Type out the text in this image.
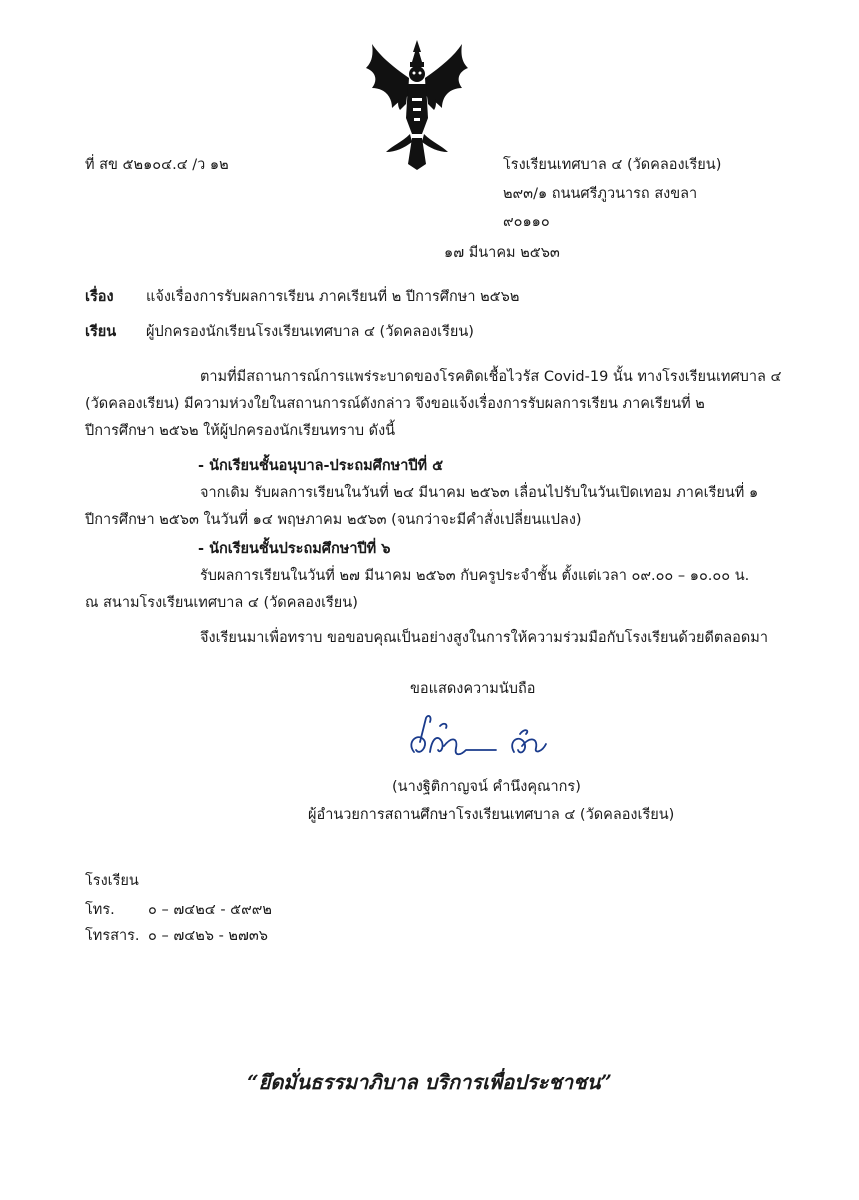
ที่ สข ๕๒๑๐๔.๔ /ว ๑๒	โรงเรียนเทศบาล ๔ (วัดคลองเรียน)
๒๙๓/๑ ถนนศรีภูวนารถ สงขลา
๙๐๑๑๐
๑๗ มีนาคม ๒๕๖๓
เรื่อง แจ้งเรื่องการรับผลการเรียน ภาคเรียนที่ ๒ ปีการศึกษา ๒๕๖๒
เรียน ผู้ปกครองนักเรียนโรงเรียนเทศบาล ๔ (วัดคลองเรียน)
ตามที่มีสถานการณ์การแพร่ระบาดของโรคติดเชื้อไวรัส Covid-19 นั้น ทางโรงเรียนเทศบาล ๔
(วัดคลองเรียน) มีความห่วงใยในสถานการณ์ดังกล่าว จึงขอแจ้งเรื่องการรับผลการเรียน ภาคเรียนที่ ๒
ปีการศึกษา ๒๕๖๒ ให้ผู้ปกครองนักเรียนทราบ ดังนี้
- นักเรียนชั้นอนุบาล-ประถมศึกษาปีที่ ๕
จากเดิม รับผลการเรียนในวันที่ ๒๔ มีนาคม ๒๕๖๓ เลื่อนไปรับในวันเปิดเทอม ภาคเรียนที่ ๑
ปีการศึกษา ๒๕๖๓ ในวันที่ ๑๔ พฤษภาคม ๒๕๖๓ (จนกว่าจะมีคำสั่งเปลี่ยนแปลง)
- นักเรียนชั้นประถมศึกษาปีที่ ๖
รับผลการเรียนในวันที่ ๒๗ มีนาคม ๒๕๖๓ กับครูประจำชั้น ตั้งแต่เวลา ๐๙.๐๐ – ๑๐.๐๐ น.
ณ สนามโรงเรียนเทศบาล ๔ (วัดคลองเรียน)
จึงเรียนมาเพื่อทราบ ขอขอบคุณเป็นอย่างสูงในการให้ความร่วมมือกับโรงเรียนด้วยดีตลอดมา
ขอแสดงความนับถือ
(นางฐิติกาญจน์ คำนึงคุณากร)
ผู้อำนวยการสถานศึกษาโรงเรียนเทศบาล ๔ (วัดคลองเรียน)
โรงเรียน
โทร. ๐ – ๗๔๒๔ - ๕๙๙๒
โทรสาร. ๐ – ๗๔๒๖ - ๒๗๓๖
“ยึดมั่นธรรมาภิบาล บริการเพื่อประชาชน”
